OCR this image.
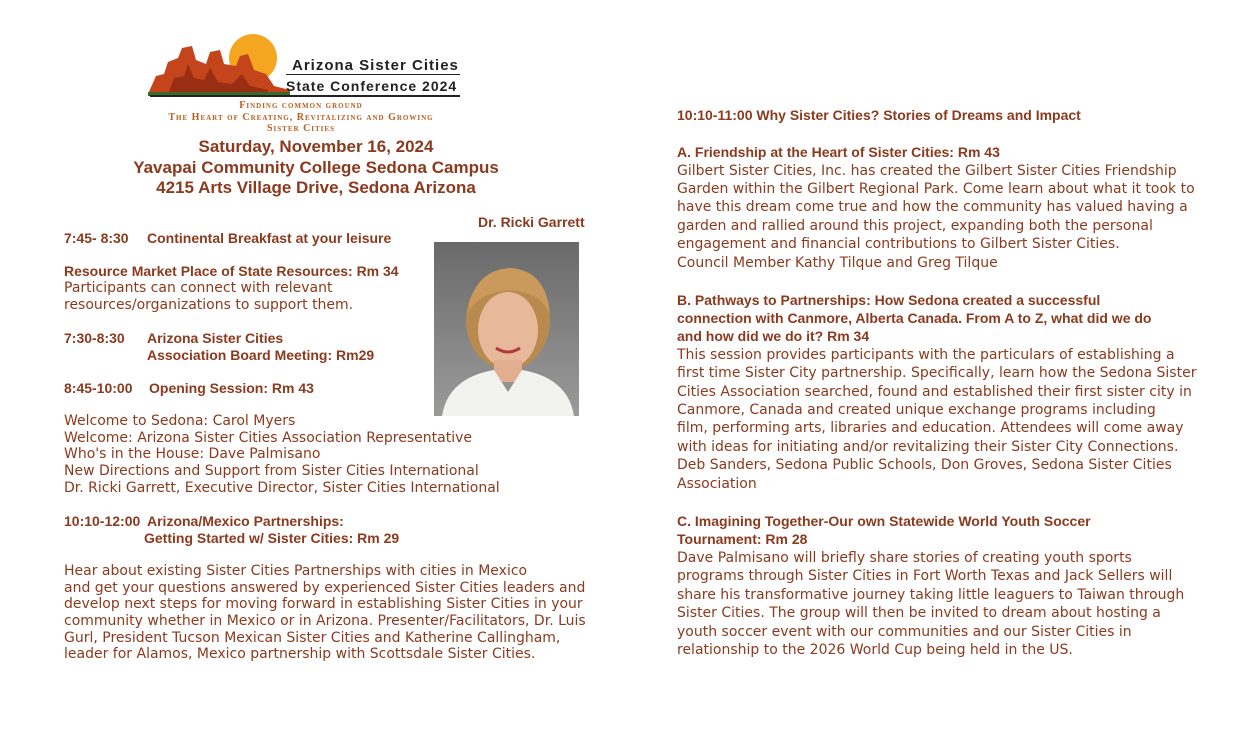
Arizona Sister Cities
State Conference 2024
Finding common ground
The Heart of Creating, Revitalizing and Growing
Sister Cities
Saturday, November 16, 2024
Yavapai Community College Sedona Campus
4215 Arts Village Drive, Sedona Arizona
Dr. Ricki Garrett
7:45- 8:30 Continental Breakfast at your leisure
Resource Market Place of State Resources: Rm 34
Participants can connect with relevant
resources/organizations to support them.
7:30-8:30 Arizona Sister Cities
Association Board Meeting: Rm29
8:45-10:00 Opening Session: Rm 43
Welcome to Sedona: Carol Myers
Welcome: Arizona Sister Cities Association Representative
Who's in the House: Dave Palmisano
New Directions and Support from Sister Cities International
Dr. Ricki Garrett, Executive Director, Sister Cities International
10:10-12:00 Arizona/Mexico Partnerships:
Getting Started w/ Sister Cities: Rm 29
Hear about existing Sister Cities Partnerships with cities in Mexico
and get your questions answered by experienced Sister Cities leaders and
develop next steps for moving forward in establishing Sister Cities in your
community whether in Mexico or in Arizona. Presenter/Facilitators, Dr. Luis
Gurl, President Tucson Mexican Sister Cities and Katherine Callingham,
leader for Alamos, Mexico partnership with Scottsdale Sister Cities.
10:10-11:00 Why Sister Cities? Stories of Dreams and Impact
A. Friendship at the Heart of Sister Cities: Rm 43
Gilbert Sister Cities, Inc. has created the Gilbert Sister Cities Friendship
Garden within the Gilbert Regional Park. Come learn about what it took to
have this dream come true and how the community has valued having a
garden and rallied around this project, expanding both the personal
engagement and financial contributions to Gilbert Sister Cities.
Council Member Kathy Tilque and Greg Tilque
B. Pathways to Partnerships: How Sedona created a successful
connection with Canmore, Alberta Canada. From A to Z, what did we do
and how did we do it? Rm 34
This session provides participants with the particulars of establishing a
first time Sister City partnership. Specifically, learn how the Sedona Sister
Cities Association searched, found and established their first sister city in
Canmore, Canada and created unique exchange programs including
film, performing arts, libraries and education. Attendees will come away
with ideas for initiating and/or revitalizing their Sister City Connections.
Deb Sanders, Sedona Public Schools, Don Groves, Sedona Sister Cities
Association
C. Imagining Together-Our own Statewide World Youth Soccer
Tournament: Rm 28
Dave Palmisano will briefly share stories of creating youth sports
programs through Sister Cities in Fort Worth Texas and Jack Sellers will
share his transformative journey taking little leaguers to Taiwan through
Sister Cities. The group will then be invited to dream about hosting a
youth soccer event with our communities and our Sister Cities in
relationship to the 2026 World Cup being held in the US.
